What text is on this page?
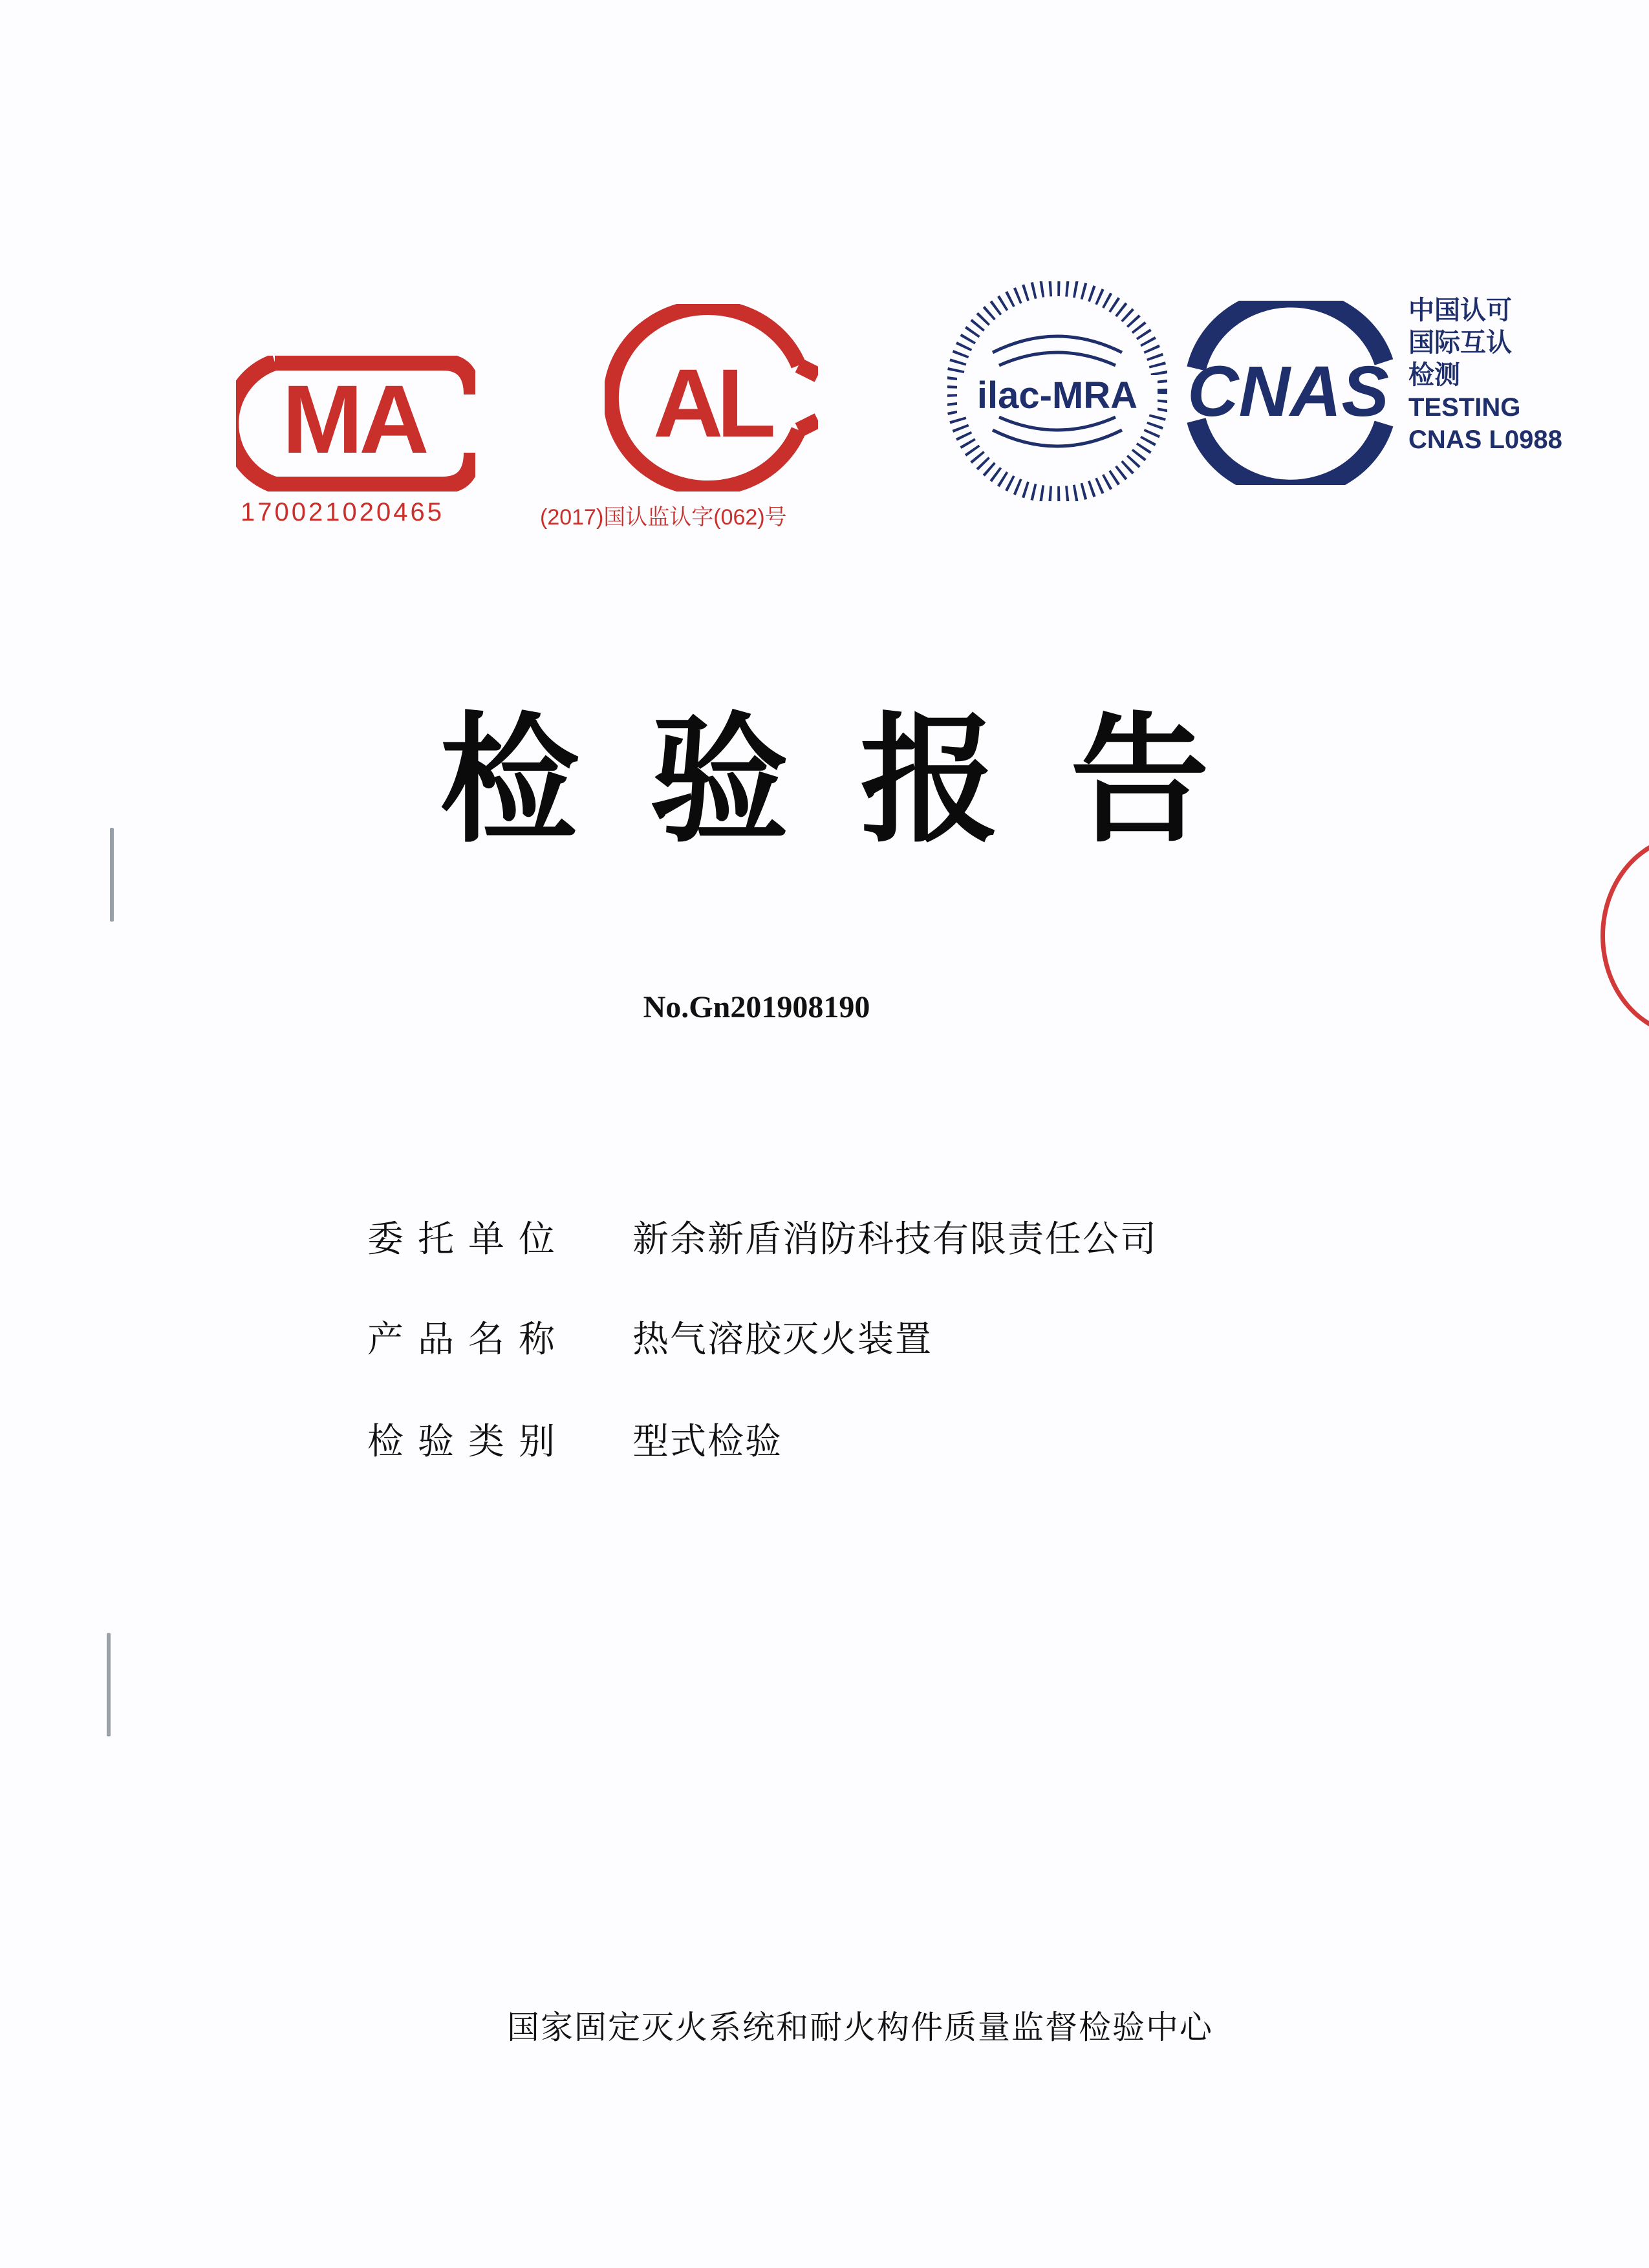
MA
170021020465
AL
(2017)国认监认字(062)号
ilac-MRA CNAS
中国认可
国际互认
检测
TESTING
CNAS L0988
检验报告
No.Gn201908190
委托单位 新余新盾消防科技有限责任公司
产品名称 热气溶胶灭火装置
检验类别 型式检验
国家固定灭火系统和耐火构件质量监督检验中心
